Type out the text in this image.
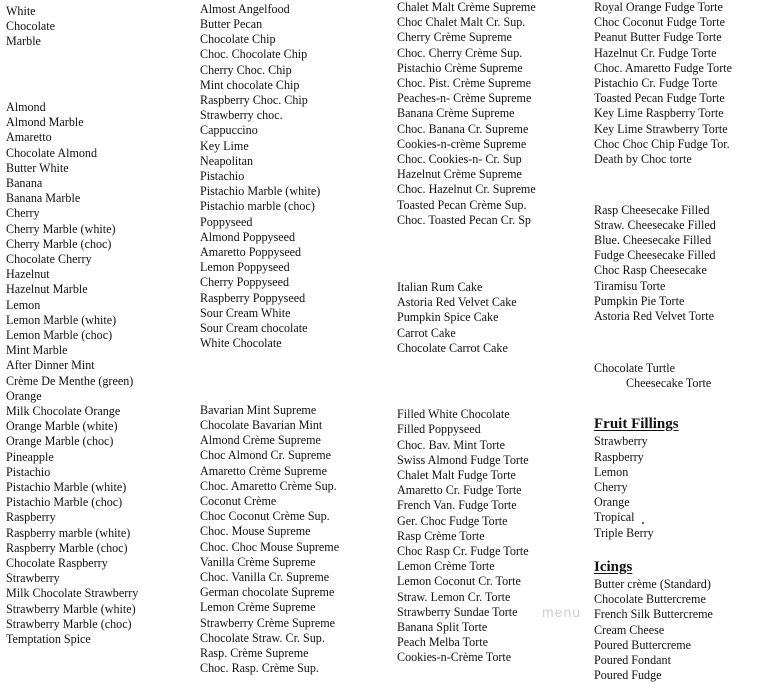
White
Chocolate
Marble
Almond
Almond Marble
Amaretto
Chocolate Almond
Butter White
Banana
Banana Marble
Cherry
Cherry Marble (white)
Cherry Marble (choc)
Chocolate Cherry
Hazelnut
Hazelnut Marble
Lemon
Lemon Marble (white)
Lemon Marble (choc)
Mint Marble
After Dinner Mint
Crème De Menthe (green)
Orange
Milk Chocolate Orange
Orange Marble (white)
Orange Marble (choc)
Pineapple
Pistachio
Pistachio Marble (white)
Pistachio Marble (choc)
Raspberry
Raspberry marble (white)
Raspberry Marble (choc)
Chocolate Raspberry
Strawberry
Milk Chocolate Strawberry
Strawberry Marble (white)
Strawberry Marble (choc)
Temptation Spice
Almost Angelfood
Butter Pecan
Chocolate Chip
Choc. Chocolate Chip
Cherry Choc. Chip
Mint chocolate Chip
Raspberry Choc. Chip
Strawberry choc.
Cappuccino
Key Lime
Neapolitan
Pistachio
Pistachio Marble (white)
Pistachio marble (choc)
Poppyseed
Almond Poppyseed
Amaretto Poppyseed
Lemon Poppyseed
Cherry Poppyseed
Raspberry Poppyseed
Sour Cream White
Sour Cream chocolate
White Chocolate
Bavarian Mint Supreme
Chocolate Bavarian Mint
Almond Crème Supreme
Choc Almond Cr. Supreme
Amaretto Crème Supreme
Choc. Amaretto Crème Sup.
Coconut Crème
Choc Coconut Crème Sup.
Choc. Mouse Supreme
Choc. Choc Mouse Supreme
Vanilla Crème Supreme
Choc. Vanilla Cr. Supreme
German chocolate Supreme
Lemon Crème Supreme
Strawberry Crème Supreme
Chocolate Straw. Cr. Sup.
Rasp. Crème Supreme
Choc. Rasp. Crème Sup.
Chalet Malt Crème Supreme
Choc Chalet Malt Cr. Sup.
Cherry Crème Supreme
Choc. Cherry Crème Sup.
Pistachio Crème Supreme
Choc. Pist. Crème Supreme
Peaches-n- Crème Supreme
Banana Crème Supreme
Choc. Banana Cr. Supreme
Cookies-n-crème Supreme
Choc. Cookies-n- Cr. Sup
Hazelnut Crème Supreme
Choc. Hazelnut Cr. Supreme
Toasted Pecan Crème Sup.
Choc. Toasted Pecan Cr. Sp
Italian Rum Cake
Astoria Red Velvet Cake
Pumpkin Spice Cake
Carrot Cake
Chocolate Carrot Cake
Filled White Chocolate
Filled Poppyseed
Choc. Bav. Mint Torte
Swiss Almond Fudge Torte
Chalet Malt Fudge Torte
Amaretto Cr. Fudge Torte
French Van. Fudge Torte
Ger. Choc Fudge Torte
Rasp Crème Torte
Choc Rasp Cr. Fudge Torte
Lemon Crème Torte
Lemon Coconut Cr. Torte
Straw. Lemon Cr. Torte
Strawberry Sundae Torte
Banana Split Torte
Peach Melba Torte
Cookies-n-Crème Torte
Royal Orange Fudge Torte
Choc Coconut Fudge Torte
Peanut Butter Fudge Torte
Hazelnut Cr. Fudge Torte
Choc. Amaretto Fudge Torte
Pistachio Cr. Fudge Torte
Toasted Pecan Fudge Torte
Key Lime Raspberry Torte
Key Lime Strawberry Torte
Choc Choc Chip Fudge Tor.
Death by Choc torte
Rasp Cheesecake Filled
Straw. Cheesecake Filled
Blue. Cheesecake Filled
Fudge Cheesecake Filled
Choc Rasp Cheesecake
Tiramisu Torte
Pumpkin Pie Torte
Astoria Red Velvet Torte
Chocolate Turtle
Cheesecake Torte
Fruit Fillings
Strawberry
Raspberry
Lemon
Cherry
Orange
Tropical
Triple Berry
Icings
Butter crème (Standard)
Chocolate Buttercreme
French Silk Buttercreme
Cream Cheese
Poured Buttercreme
Poured Fondant
Poured Fudge
menu
